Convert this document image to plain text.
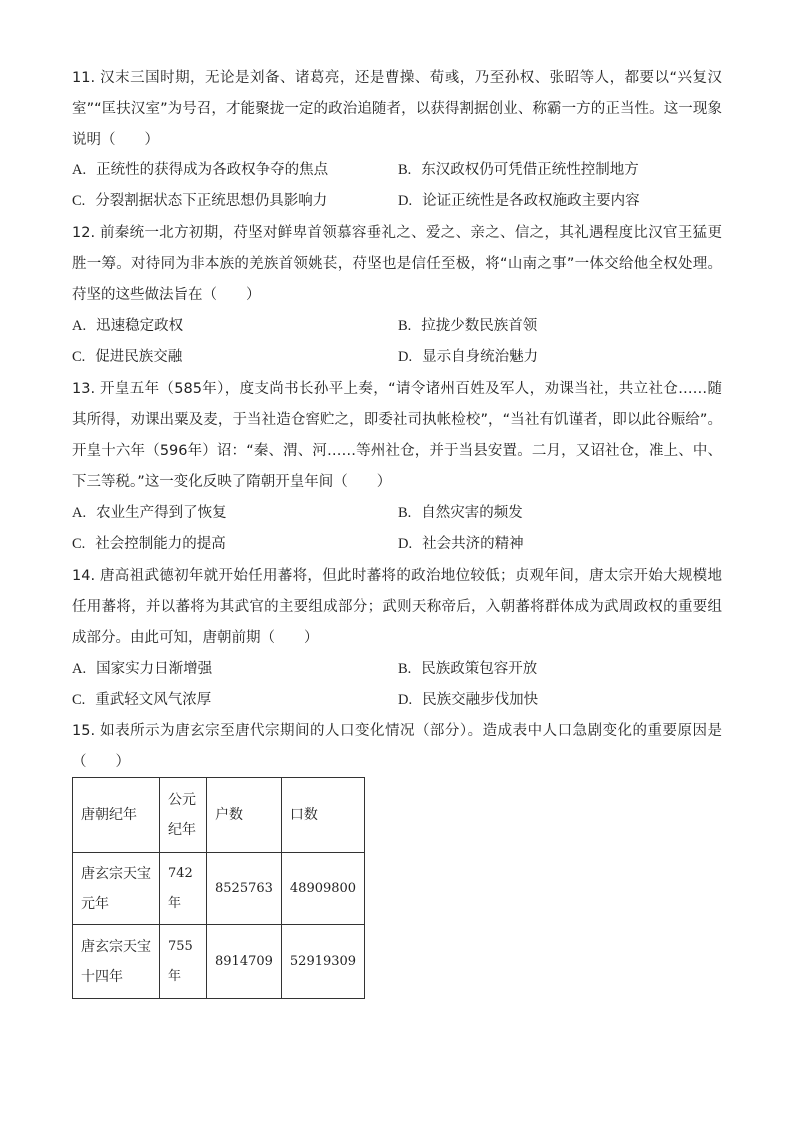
11. 汉末三国时期，无论是刘备、诸葛亮，还是曹操、荀彧，乃至孙权、张昭等人，都要以“兴复汉室”“匡扶汉室”为号召，才能聚拢一定的政治追随者，以获得割据创业、称霸一方的正当性。这一现象说明（　　）
A. 正统性的获得成为各政权争夺的焦点	B. 东汉政权仍可凭借正统性控制地方
C. 分裂割据状态下正统思想仍具影响力	D. 论证正统性是各政权施政主要内容
12. 前秦统一北方初期，苻坚对鲜卑首领慕容垂礼之、爱之、亲之、信之，其礼遇程度比汉官王猛更胜一筹。对待同为非本族的羌族首领姚苌，苻坚也是信任至极，将“山南之事”一体交给他全权处理。苻坚的这些做法旨在（　　）
A. 迅速稳定政权	B. 拉拢少数民族首领
C. 促进民族交融	D. 显示自身统治魅力
13. 开皇五年（585年），度支尚书长孙平上奏，“请令诸州百姓及军人，劝课当社，共立社仓……随其所得，劝课出粟及麦，于当社造仓窖贮之，即委社司执帐检校”，“当社有饥谨者，即以此谷赈给”。开皇十六年（596年）诏：“秦、渭、河……等州社仓，并于当县安置。二月，又诏社仓，准上、中、下三等税。”这一变化反映了隋朝开皇年间（　　）
A. 农业生产得到了恢复	B. 自然灾害的频发
C. 社会控制能力的提高	D. 社会共济的精神
14. 唐高祖武德初年就开始任用蕃将，但此时蕃将的政治地位较低；贞观年间，唐太宗开始大规模地任用蕃将，并以蕃将为其武官的主要组成部分；武则天称帝后，入朝蕃将群体成为武周政权的重要组成部分。由此可知，唐朝前期（　　）
A. 国家实力日渐增强	B. 民族政策包容开放
C. 重武轻文风气浓厚	D. 民族交融步伐加快
15. 如表所示为唐玄宗至唐代宗期间的人口变化情况（部分）。造成表中人口急剧变化的重要原因是（　　）
唐朝纪年	公元纪年	户数	口数
唐玄宗天宝元年	742年	8525763	48909800
唐玄宗天宝十四年	755年	8914709	52919309
